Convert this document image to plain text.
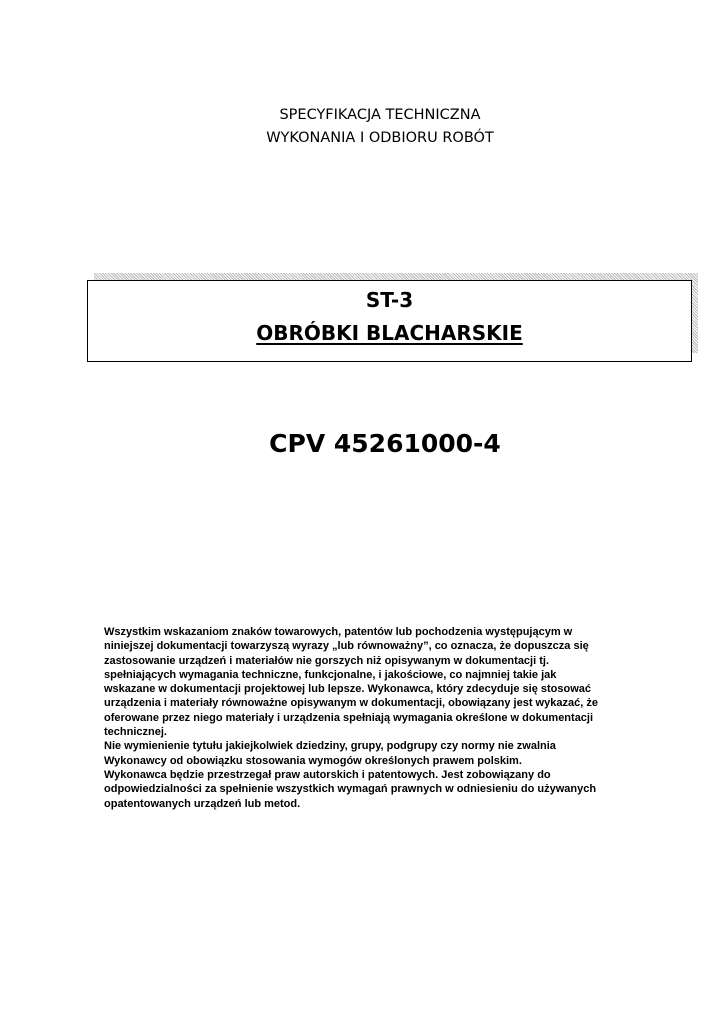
SPECYFIKACJA TECHNICZNA
WYKONANIA I ODBIORU ROBÓT
ST-3
OBRÓBKI BLACHARSKIE
CPV 45261000-4
Wszystkim wskazaniom znaków towarowych, patentów lub pochodzenia występującym w
niniejszej dokumentacji towarzyszą wyrazy „lub równoważny”, co oznacza, że dopuszcza się
zastosowanie urządzeń i materiałów nie gorszych niż opisywanym w dokumentacji tj.
spełniających wymagania techniczne, funkcjonalne, i jakościowe, co najmniej takie jak
wskazane w dokumentacji projektowej lub lepsze. Wykonawca, który zdecyduje się stosować
urządzenia i materiały równoważne opisywanym w dokumentacji, obowiązany jest wykazać, że
oferowane przez niego materiały i urządzenia spełniają wymagania określone w dokumentacji
technicznej.
Nie wymienienie tytułu jakiejkolwiek dziedziny, grupy, podgrupy czy normy nie zwalnia
Wykonawcy od obowiązku stosowania wymogów określonych prawem polskim.
Wykonawca będzie przestrzegał praw autorskich i patentowych. Jest zobowiązany do
odpowiedzialności za spełnienie wszystkich wymagań prawnych w odniesieniu do używanych
opatentowanych urządzeń lub metod.
